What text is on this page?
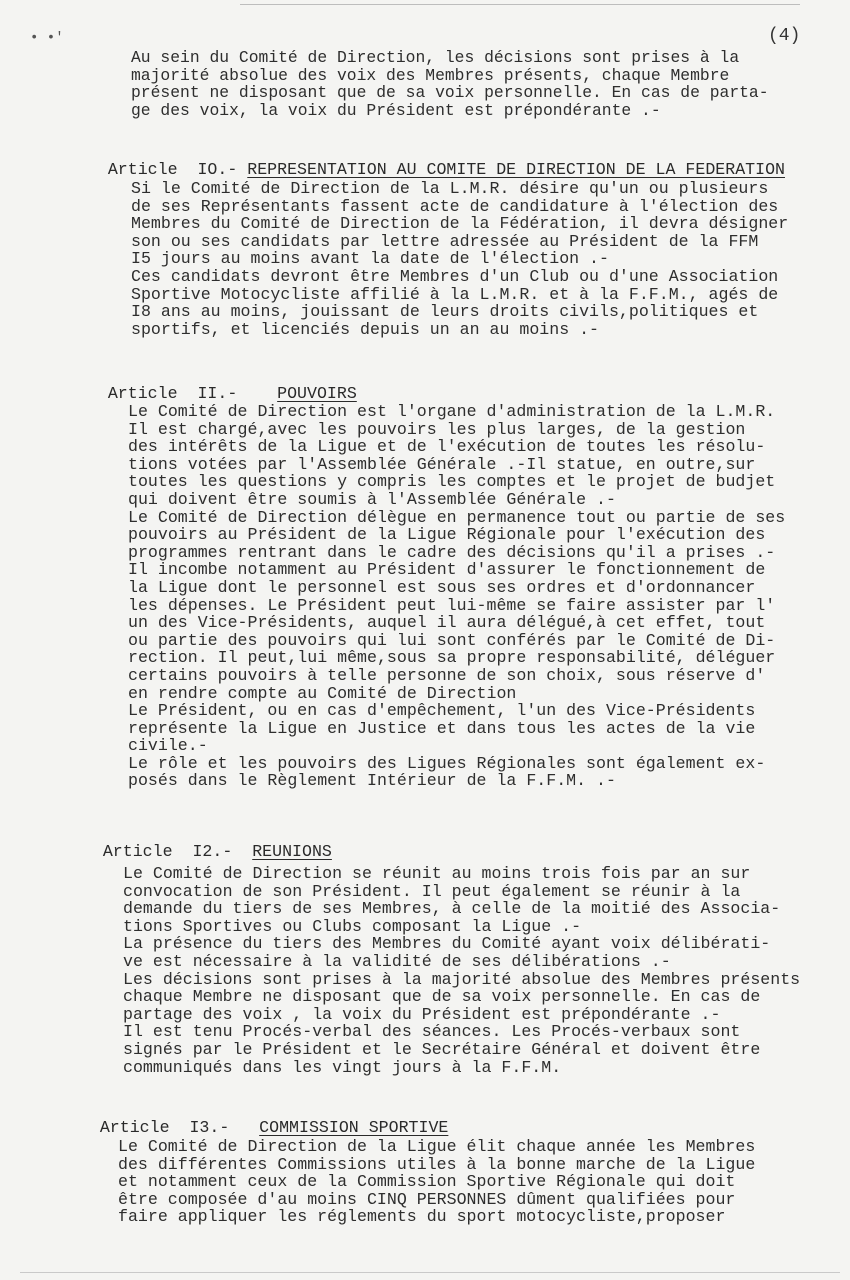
• •'	(4)
Au sein du Comité de Direction, les décisions sont prises à la
majorité absolue des voix des Membres présents, chaque Membre
présent ne disposant que de sa voix personnelle. En cas de parta-
ge des voix, la voix du Président est prépondérante .-

Article  IO.- REPRESENTATION AU COMITE DE DIRECTION DE LA FEDERATION

Si le Comité de Direction de la L.M.R. désire qu'un ou plusieurs
de ses Représentants fassent acte de candidature à l'élection des
Membres du Comité de Direction de la Fédération, il devra désigner
son ou ses candidats par lettre adressée au Président de la FFM
I5 jours au moins avant la date de l'élection .-
Ces candidats devront être Membres d'un Club ou d'une Association
Sportive Motocycliste affilié à la L.M.R. et à la F.F.M., agés de
I8 ans au moins, jouissant de leurs droits civils,politiques et
sportifs, et licenciés depuis un an au moins .-

Article  II.-    POUVOIRS

Le Comité de Direction est l'organe d'administration de la L.M.R.
Il est chargé,avec les pouvoirs les plus larges, de la gestion
des intérêts de la Ligue et de l'exécution de toutes les résolu-
tions votées par l'Assemblée Générale .-Il statue, en outre,sur
toutes les questions y compris les comptes et le projet de budjet
qui doivent être soumis à l'Assemblée Générale .-
Le Comité de Direction délègue en permanence tout ou partie de ses
pouvoirs au Président de la Ligue Régionale pour l'exécution des
programmes rentrant dans le cadre des décisions qu'il a prises .-
Il incombe notamment au Président d'assurer le fonctionnement de
la Ligue dont le personnel est sous ses ordres et d'ordonnancer
les dépenses. Le Président peut lui-même se faire assister par l'
un des Vice-Présidents, auquel il aura délégué,à cet effet, tout
ou partie des pouvoirs qui lui sont conférés par le Comité de Di-
rection. Il peut,lui même,sous sa propre responsabilité, déléguer
certains pouvoirs à telle personne de son choix, sous réserve d'
en rendre compte au Comité de Direction
Le Président, ou en cas d'empêchement, l'un des Vice-Présidents
représente la Ligue en Justice et dans tous les actes de la vie
civile.-
Le rôle et les pouvoirs des Ligues Régionales sont également ex-
posés dans le Règlement Intérieur de la F.F.M. .-

Article  I2.-  REUNIONS

Le Comité de Direction se réunit au moins trois fois par an sur
convocation de son Président. Il peut également se réunir à la
demande du tiers de ses Membres, à celle de la moitié des Associa-
tions Sportives ou Clubs composant la Ligue .-
La présence du tiers des Membres du Comité ayant voix délibérati-
ve est nécessaire à la validité de ses délibérations .-
Les décisions sont prises à la majorité absolue des Membres présents
chaque Membre ne disposant que de sa voix personnelle. En cas de
partage des voix , la voix du Président est prépondérante .-
Il est tenu Procés-verbal des séances. Les Procés-verbaux sont
signés par le Président et le Secrétaire Général et doivent être
communiqués dans les vingt jours à la F.F.M.

Article  I3.-   COMMISSION SPORTIVE

Le Comité de Direction de la Ligue élit chaque année les Membres
des différentes Commissions utiles à la bonne marche de la Ligue
et notamment ceux de la Commission Sportive Régionale qui doit
être composée d'au moins CINQ PERSONNES dûment qualifiées pour
faire appliquer les réglements du sport motocycliste,proposer
